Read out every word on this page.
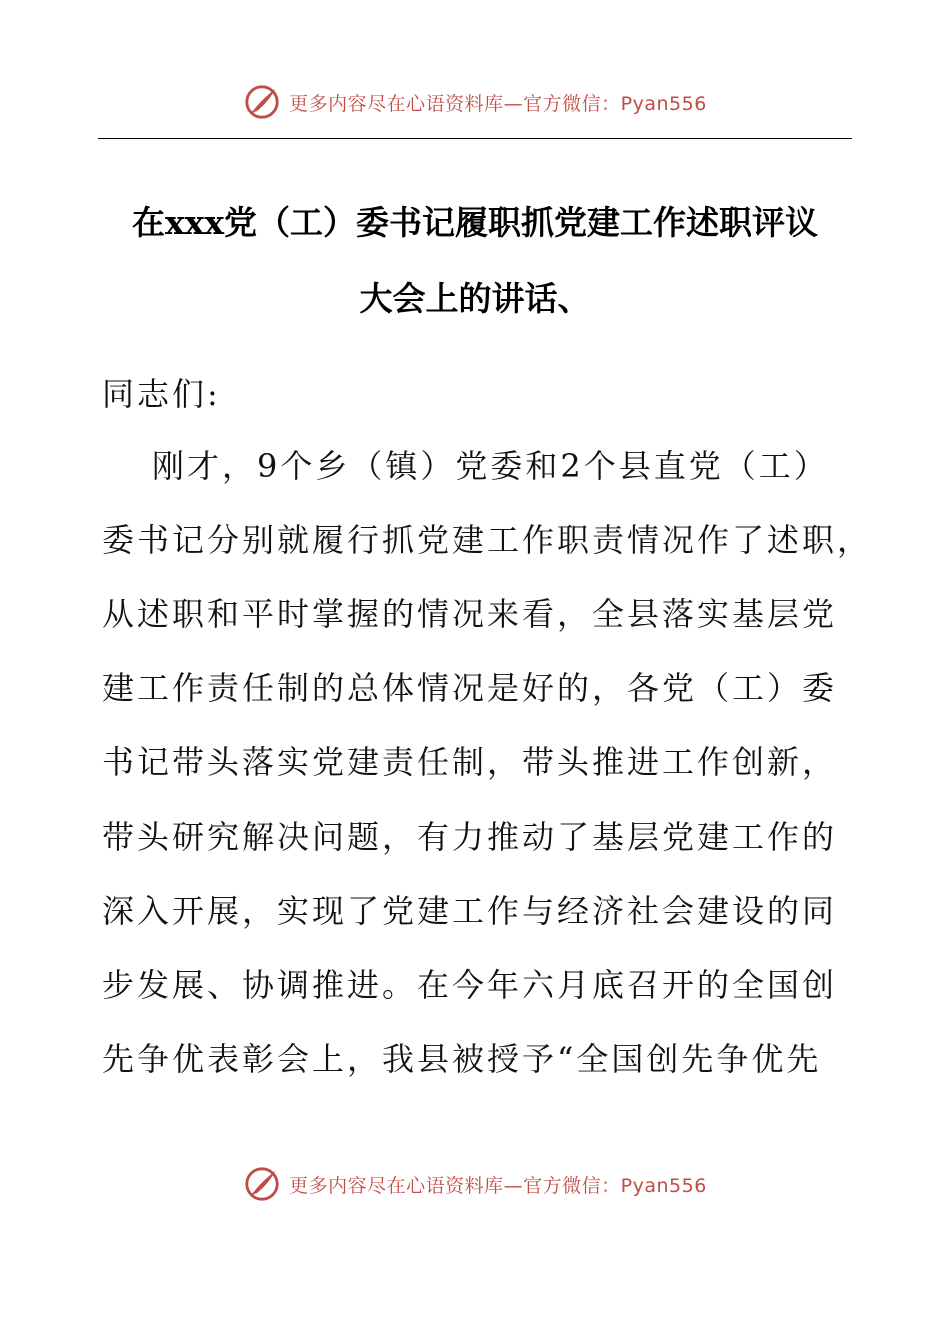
更多内容尽在心语资料库—官方微信：Pyan556
在xxx党（工）委书记履职抓党建工作述职评议
大会上的讲话、
同志们:
刚才，9个乡（镇）党委和2个县直党（工）
委书记分别就履行抓党建工作职责情况作了述职，
从述职和平时掌握的情况来看，全县落实基层党
建工作责任制的总体情况是好的，各党（工）委
书记带头落实党建责任制，带头推进工作创新，
带头研究解决问题，有力推动了基层党建工作的
深入开展，实现了党建工作与经济社会建设的同
步发展、协调推进。在今年六月底召开的全国创
先争优表彰会上，我县被授予“全国创先争优先
更多内容尽在心语资料库—官方微信：Pyan556
